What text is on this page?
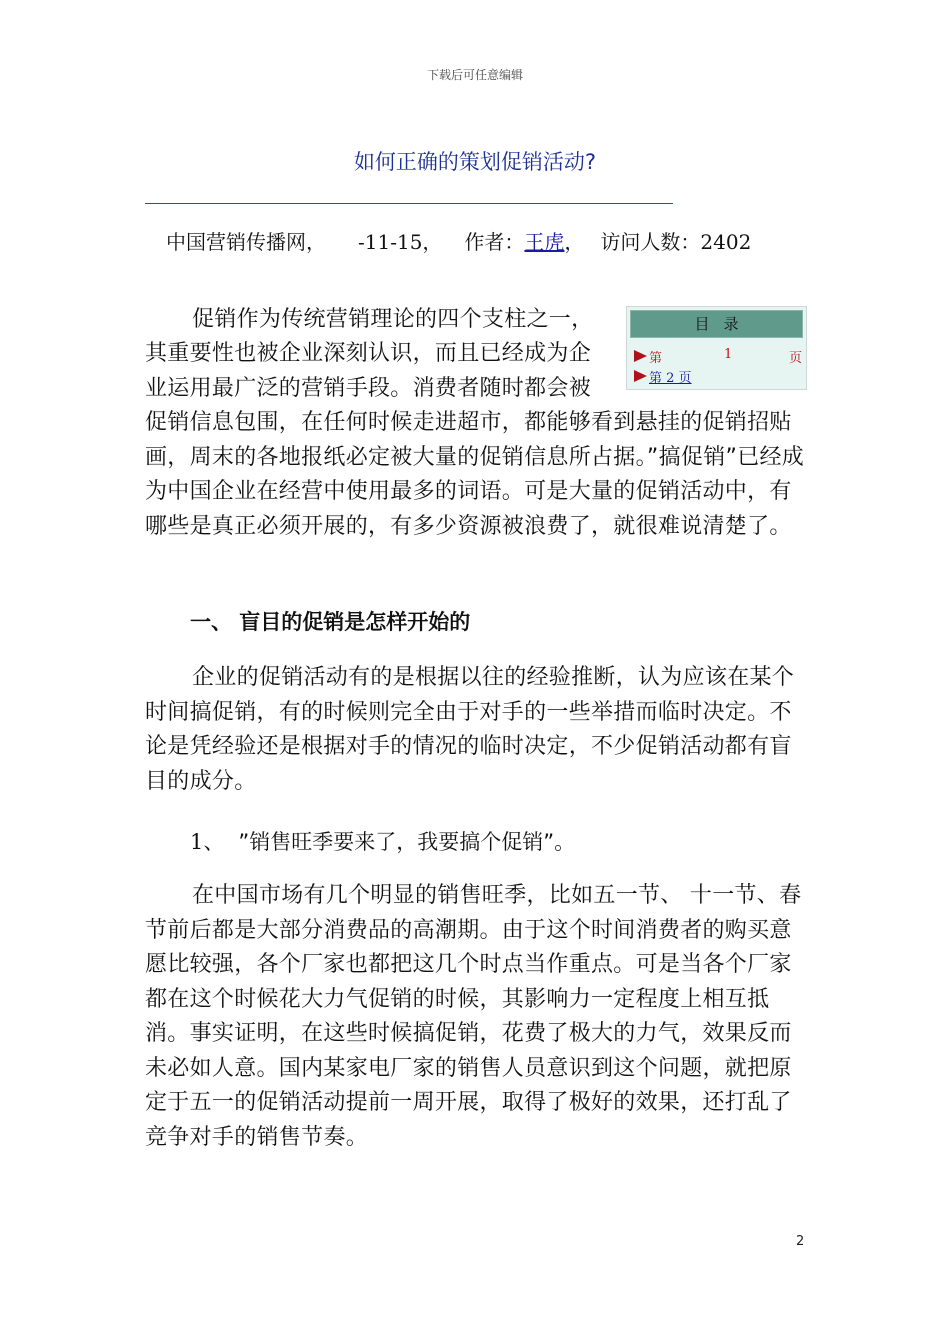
下载后可任意编辑
如何正确的策划促销活动?
中国营销传播网， -11-15， 作者：王虎， 访问人数：2402
目录
第	1	页
第 2 页
促销作为传统营销理论的四个支柱之一，
其重要性也被企业深刻认识，而且已经成为企
业运用最广泛的营销手段。消费者随时都会被

促销信息包围，在任何时候走进超市，都能够看到悬挂的促销招贴画，周末的各地报纸必定被大量的促销信息所占据。”搞促销”已经成为中国企业在经营中使用最多的词语。可是大量的促销活动中，有哪些是真正必须开展的，有多少资源被浪费了，就很难说清楚了。

一、 盲目的促销是怎样开始的

企业的促销活动有的是根据以往的经验推断，认为应该在某个时间搞促销，有的时候则完全由于对手的一些举措而临时决定。不论是凭经验还是根据对手的情况的临时决定，不少促销活动都有盲目的成分。

1、 ”销售旺季要来了，我要搞个促销”。

在中国市场有几个明显的销售旺季，比如五一节、 十一节、春节前后都是大部分消费品的高潮期。由于这个时间消费者的购买意愿比较强，各个厂家也都把这几个时点当作重点。可是当各个厂家都在这个时候花大力气促销的时候，其影响力一定程度上相互抵消。事实证明，在这些时候搞促销，花费了极大的力气，效果反而未必如人意。国内某家电厂家的销售人员意识到这个问题，就把原定于五一的促销活动提前一周开展，取得了极好的效果，还打乱了竞争对手的销售节奏。

2
